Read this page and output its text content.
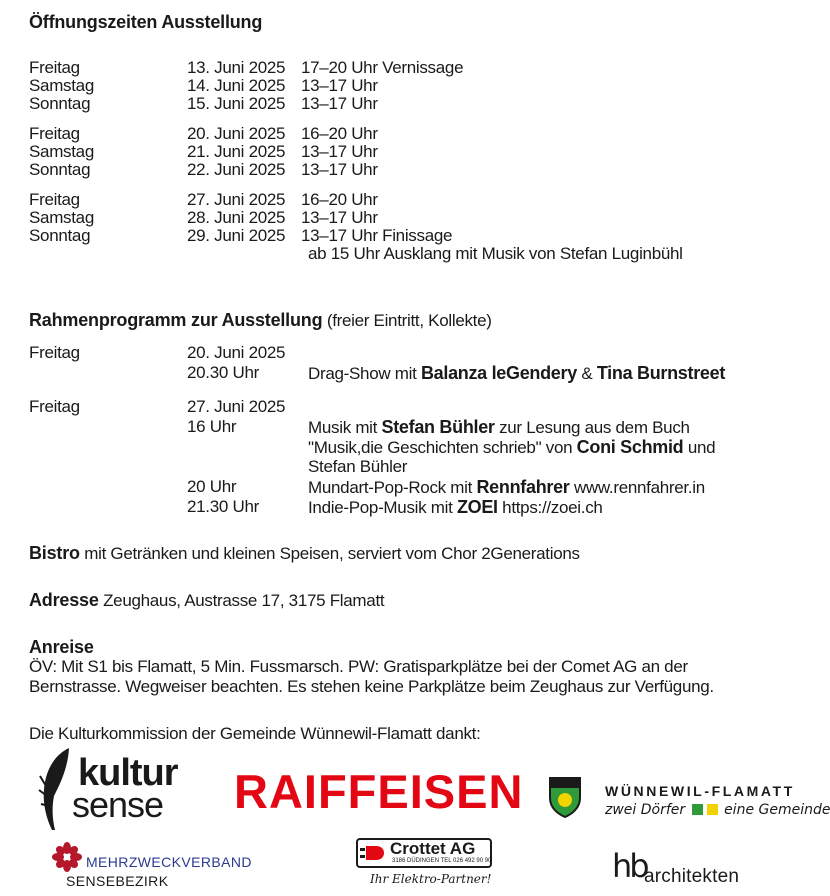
Öffnungszeiten Ausstellung
Freitag	13. Juni 2025 17–20 Uhr Vernissage
Samstag	14. Juni 2025 13–17 Uhr
Sonntag	15. Juni 2025 13–17 Uhr
Freitag	20. Juni 2025 16–20 Uhr
Samstag	21. Juni 2025 13–17 Uhr
Sonntag	22. Juni 2025 13–17 Uhr
Freitag	27. Juni 2025 16–20 Uhr
Samstag	28. Juni 2025 13–17 Uhr
Sonntag	29. Juni 2025 13–17 Uhr Finissage
ab 15 Uhr Ausklang mit Musik von Stefan Luginbühl
Rahmenprogramm zur Ausstellung (freier Eintritt, Kollekte)
Freitag	20. Juni 2025
20.30 Uhr	Drag-Show mit Balanza leGendery & Tina Burnstreet
Freitag	27. Juni 2025
16 Uhr	Musik mit Stefan Bühler zur Lesung aus dem Buch
"Musik,die Geschichten schrieb" von Coni Schmid und
Stefan Bühler
20 Uhr	Mundart-Pop-Rock mit Rennfahrer www.rennfahrer.in
21.30 Uhr	Indie-Pop-Musik mit ZOEI https://zoei.ch
Bistro mit Getränken und kleinen Speisen, serviert vom Chor 2Generations
Adresse Zeughaus, Austrasse 17, 3175 Flamatt
Anreise
ÖV: Mit S1 bis Flamatt, 5 Min. Fussmarsch. PW: Gratisparkplätze bei der Comet AG an der
Bernstrasse. Wegweiser beachten. Es stehen keine Parkplätze beim Zeughaus zur Verfügung.
Die Kulturkommission der Gemeinde Wünnewil-Flamatt dankt:
kultur
sense RAIFFEISEN	WÜNNEWIL-FLAMATT
zwei Dörfer	eine Gemeinde
MEHRZWECKVERBAND
SENSEBEZIRK
Crottet AG
3186 DÜDINGEN TEL 026 492 90 90
Ihr Elektro-Partner!	hb
architekten
